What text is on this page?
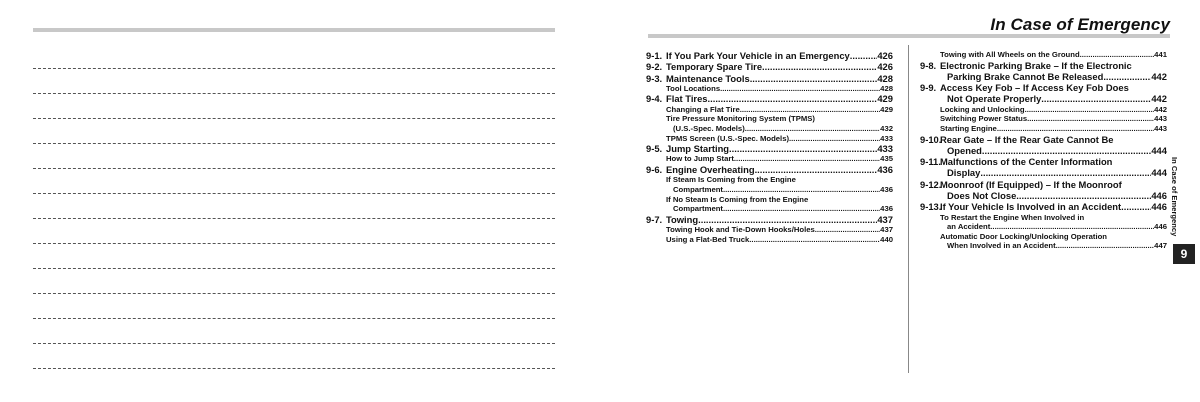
In Case of Emergency
9-1. If You Park Your Vehicle in an Emergency .....	426
9-2. Temporary Spare Tire .....	426
9-3. Maintenance Tools .....	428
Tool Locations .....	428
9-4. Flat Tires .....	429
Changing a Flat Tire .....	429
Tire Pressure Monitoring System (TPMS)
(U.S.-Spec. Models) .....	432
TPMS Screen (U.S.-Spec. Models) .....	433
9-5. Jump Starting .....	433
How to Jump Start .....	435
9-6. Engine Overheating .....	436
If Steam Is Coming from the Engine
Compartment .....	436
If No Steam Is Coming from the Engine
Compartment .....	436
9-7. Towing .....	437
Towing Hook and Tie-Down Hooks/Holes .....	437
Using a Flat-Bed Truck .....	440
Towing with All Wheels on the Ground .....	441
9-8. Electronic Parking Brake – If the Electronic
Parking Brake Cannot Be Released .....	442
9-9. Access Key Fob – If Access Key Fob Does
Not Operate Properly .....	442
Locking and Unlocking .....	442
Switching Power Status .....	443
Starting Engine .....	443
9-10.Rear Gate – If the Rear Gate Cannot Be
Opened .....	444
9-11.Malfunctions of the Center Information
Display .....	444
9-12.Moonroof (If Equipped) – If the Moonroof
Does Not Close .....	446
9-13.If Your Vehicle Is Involved in an Accident .....	446
To Restart the Engine When Involved in
an Accident .....	446
Automatic Door Locking/Unlocking Operation
When Involved in an Accident .....	447
In Case of Emergency
9
